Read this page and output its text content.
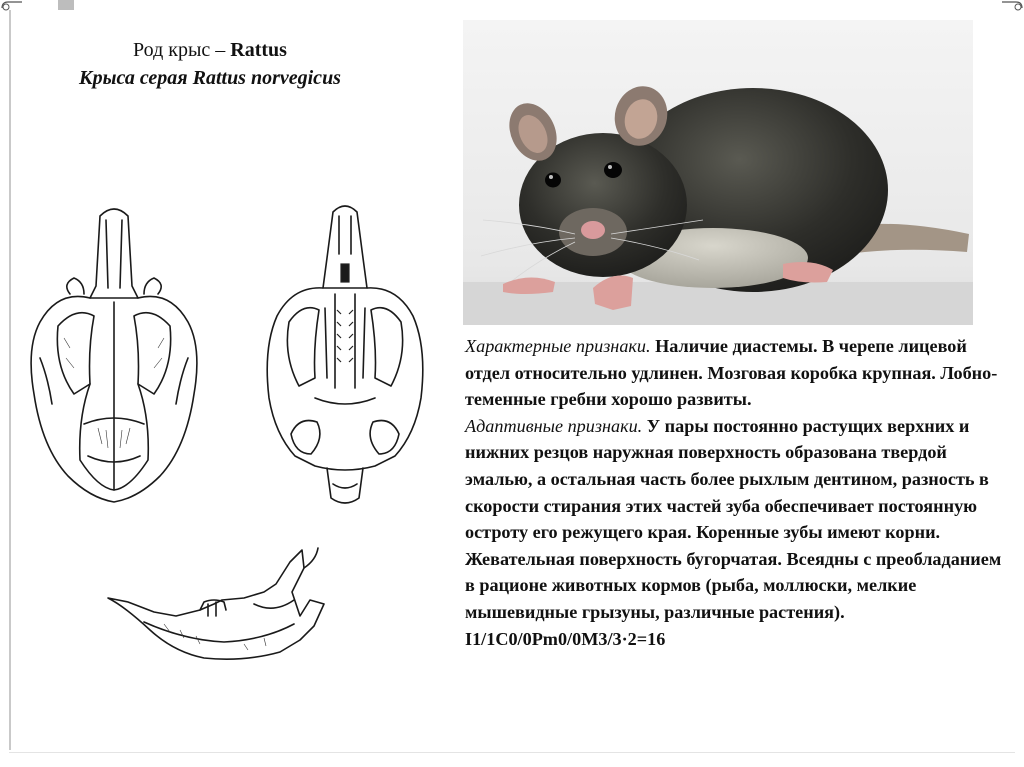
Род крыс – Rattus
Крыса серая Rattus norvegicus

Характерные признаки. Наличие диастемы. В черепе лицевой отдел относительно удлинен. Мозговая коробка крупная. Лобно-теменные гребни хорошо развиты.

Адаптивные признаки. У пары постоянно растущих верхних и нижних резцов наружная поверхность образована твердой эмалью, а остальная часть более рыхлым дентином, разность в скорости стирания этих частей зуба обеспечивает постоянную остроту его режущего края. Коренные зубы имеют корни. Жевательная поверхность бугорчатая. Всеядны с преобладанием в рационе животных кормов (рыба, моллюски, мелкие мышевидные грызуны, различные растения).

I1/1C0/0Pm0/0M3/3·2=16
